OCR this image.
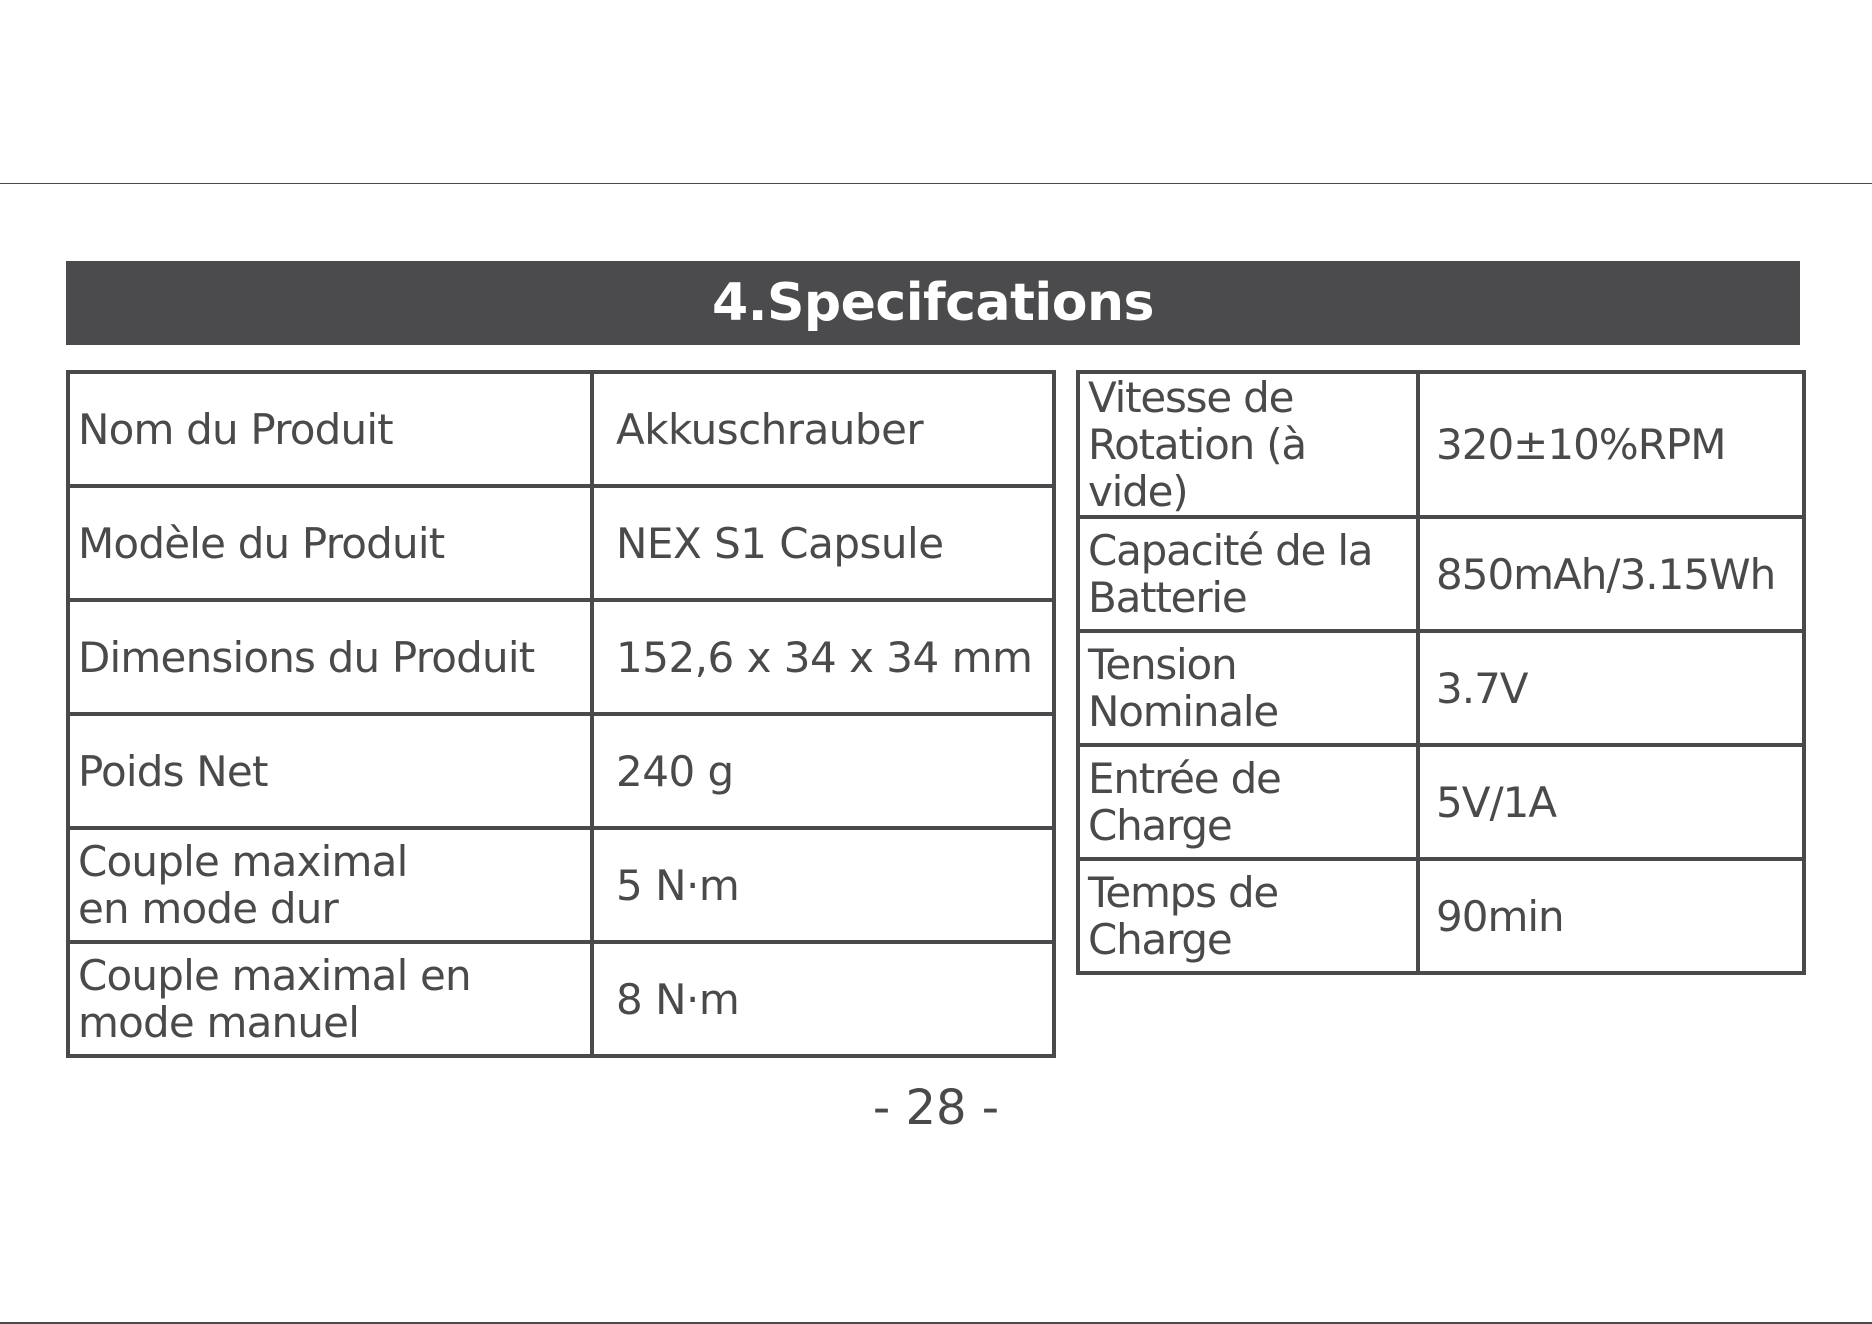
4.Specifcations
Nom du Produit	Akkuschrauber

Modèle du Produit	NEX S1 Capsule

Dimensions du Produit	152,6 x 34 x 34 mm

Poids Net	240 g

Couple maximal
en mode dur	5 N·m

Couple maximal en
mode manuel	8 N·m
Vitesse de
Rotation (à vide)	320±10%RPM

Capacité de la
Batterie	850mAh/3.15Wh

Tension
Nominale	3.7V

Entrée de
Charge	5V/1A

Temps de
Charge	90min
- 28 -
